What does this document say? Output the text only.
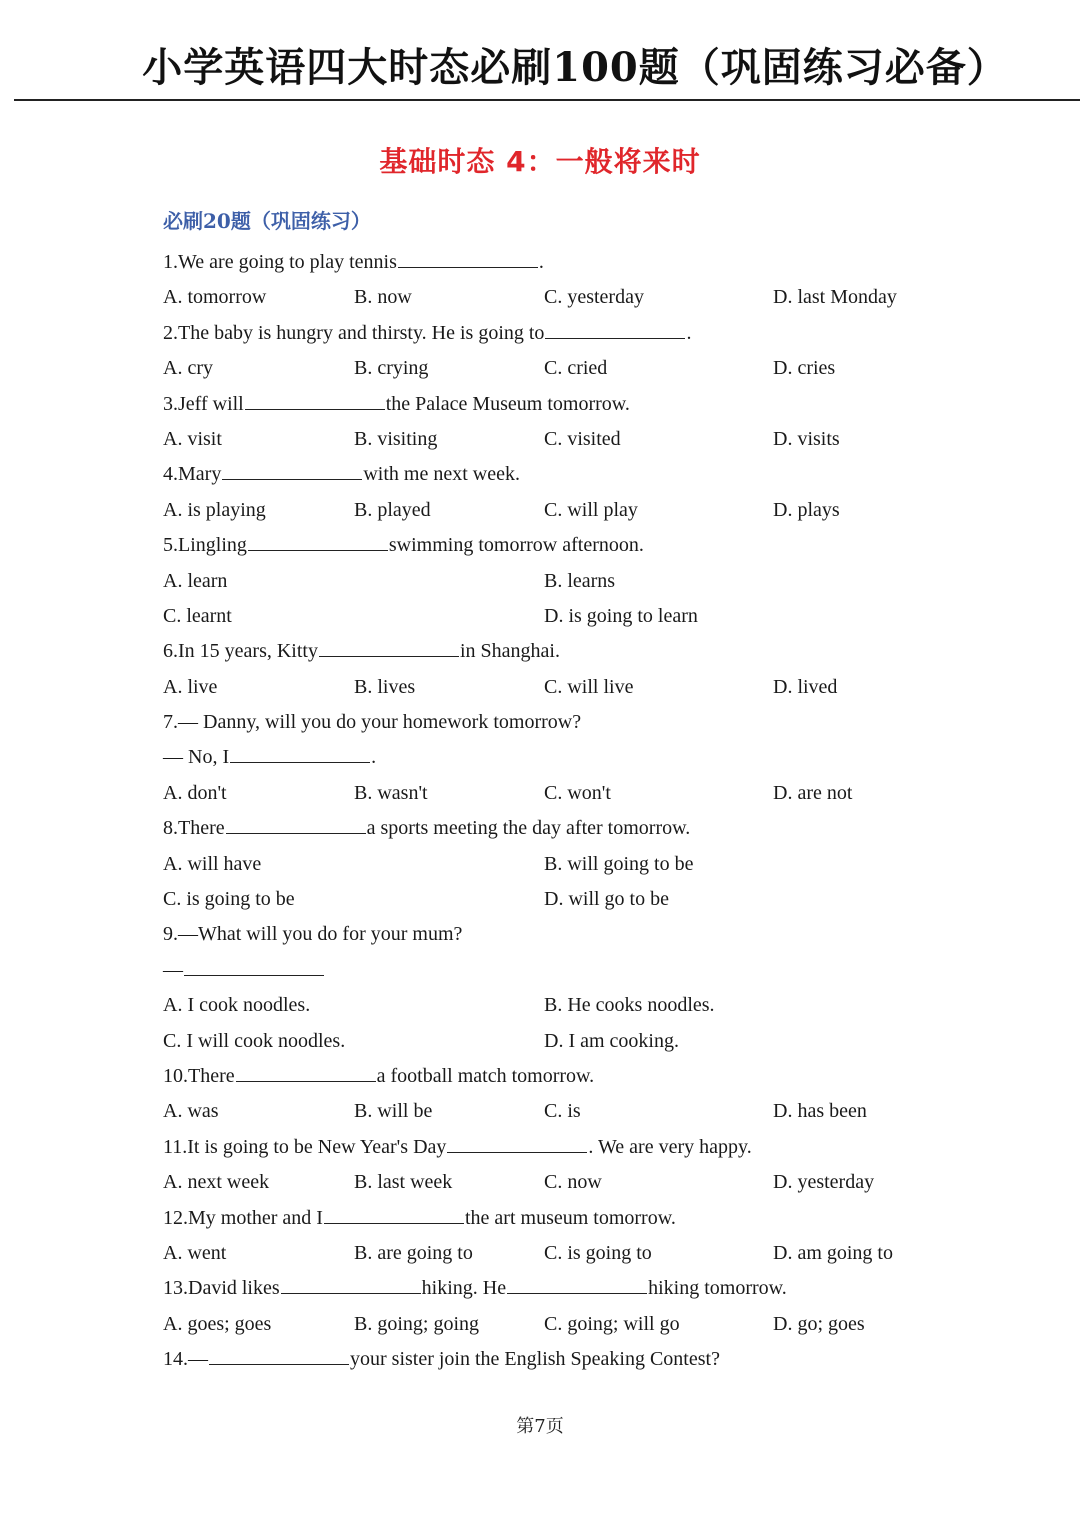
小学英语四大时态必刷100题（巩固练习必备）
基础时态 4：一般将来时
必刷20题（巩固练习）
1.We are going to play tennis	.
A. tomorrow	B. now	C. yesterday	D. last Monday
2.The baby is hungry and thirsty. He is going to	.
A. cry	B. crying	C. cried	D. cries
3.Jeff will	the Palace Museum tomorrow.
A. visit	B. visiting	C. visited	D. visits
4.Mary	with me next week.
A. is playing	B. played	C. will play	D. plays
5.Lingling	swimming tomorrow afternoon.
A. learn	B. learns
C. learnt	D. is going to learn
6.In 15 years, Kitty	in Shanghai.
A. live	B. lives	C. will live	D. lived
7.— Danny, will you do your homework tomorrow?
— No, I	.
A. don't	B. wasn't	C. won't	D. are not
8.There	a sports meeting the day after tomorrow.
A. will have	B. will going to be
C. is going to be	D. will go to be
9.—What will you do for your mum?
—
A. I cook noodles.	B. He cooks noodles.
C. I will cook noodles.	D. I am cooking.
10.There	a football match tomorrow.
A. was	B. will be	C. is	D. has been
11.It is going to be New Year's Day	. We are very happy.
A. next week	B. last week	C. now	D. yesterday
12.My mother and I	the art museum tomorrow.
A. went	B. are going to	C. is going to	D. am going to
13.David likes	hiking. He	hiking tomorrow.
A. goes; goes	B. going; going	C. going; will go	D. go; goes
14.—	your sister join the English Speaking Contest?
第7页
